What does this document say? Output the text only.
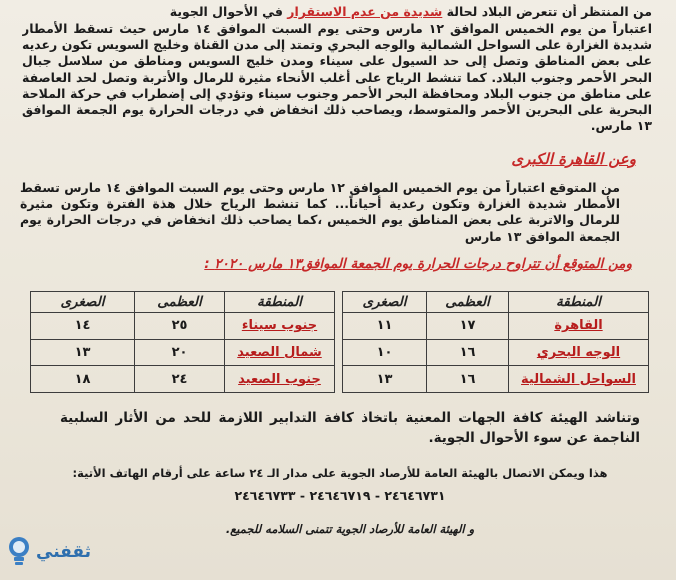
من المنتظر أن تتعرض البلاد لحالة شديدة من عدم الاستقرار في الأحوال الجوية

اعتباراً من يوم الخميس الموافق ١٢ مارس وحتى يوم السبت الموافق ١٤ مارس حيث تسقط الأمطار شديدة الغزارة على السواحل الشمالية والوجه البحري وتمتد إلى مدن القناة وخليج السويس تكون رعديه على بعض المناطق وتصل إلى حد السيول على سيناء ومدن خليج السويس ومناطق من سلاسل جبال البحر الأحمر وجنوب البلاد. كما تنشط الرياح على أغلب الأنحاء مثيرة للرمال والأتربة وتصل لحد العاصفة على مناطق من جنوب البلاد ومحافظة البحر الأحمر وجنوب سيناء وتؤدي إلى إضطراب في حركة الملاحة البحرية على البحرين الأحمر والمتوسط، ويصاحب ذلك انخفاض في درجات الحرارة يوم الجمعة الموافق ١٣ مارس.

وعن القاهرة الكبرى

من المتوقع اعتباراً من يوم الخميس الموافق ١٢ مارس وحتى يوم السبت الموافق ١٤ مارس تسقط الأمطار شديدة الغزارة وتكون رعدية أحياناً... كما تنشط الرياح خلال هذة الفترة وتكون مثيرة للرمال والاتربة على بعض المناطق يوم الخميس ،كما يصاحب ذلك انخفاض في درجات الحرارة يوم الجمعة الموافق ١٣ مارس

ومن المتوقع أن تتراوح درجات الحرارة يوم الجمعة الموافق١٣ مارس ٢٠٢٠ :

المنطقة	العظمى	الصغرى		المنطقة	العظمى	الصغرى
القاهرة	١٧	١١		جنوب سيناء	٢٥	١٤
الوجه البحري	١٦	١٠		شمال الصعيد	٢٠	١٣
السواحل الشمالية	١٦	١٣		جنوب الصعيد	٢٤	١٨

وتناشد الهيئة كافة الجهات المعنية باتخاذ كافة التدابير اللازمة للحد من الأثار السلبية الناجمة عن سوء الأحوال الجوية.

هذا ويمكن الاتصال بالهيئة العامة للأرصاد الجوية على مدار الـ ٢٤ ساعة على أرقام الهاتف الأتية:

٢٤٦٤٦٧٣١ - ٢٤٦٤٦٧١٩ - ٢٤٦٤٦٧٣٣

و الهيئة العامة للأرصاد الجوية تتمنى السلامه للجميع.

ثقفني
